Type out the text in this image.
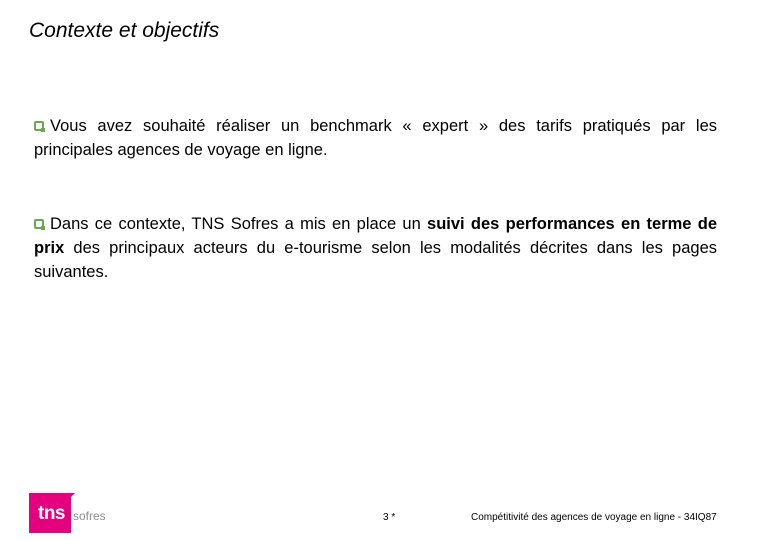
Contexte et objectifs
Vous avez souhaité réaliser un benchmark « expert » des tarifs pratiqués par les principales agences de voyage en ligne.
Dans ce contexte, TNS Sofres a mis en place un suivi des performances en terme de prix des principaux acteurs du e-tourisme selon les modalités décrites dans les pages suivantes.
tns sofres	3 *	Compétitivité des agences de voyage en ligne - 34IQ87
